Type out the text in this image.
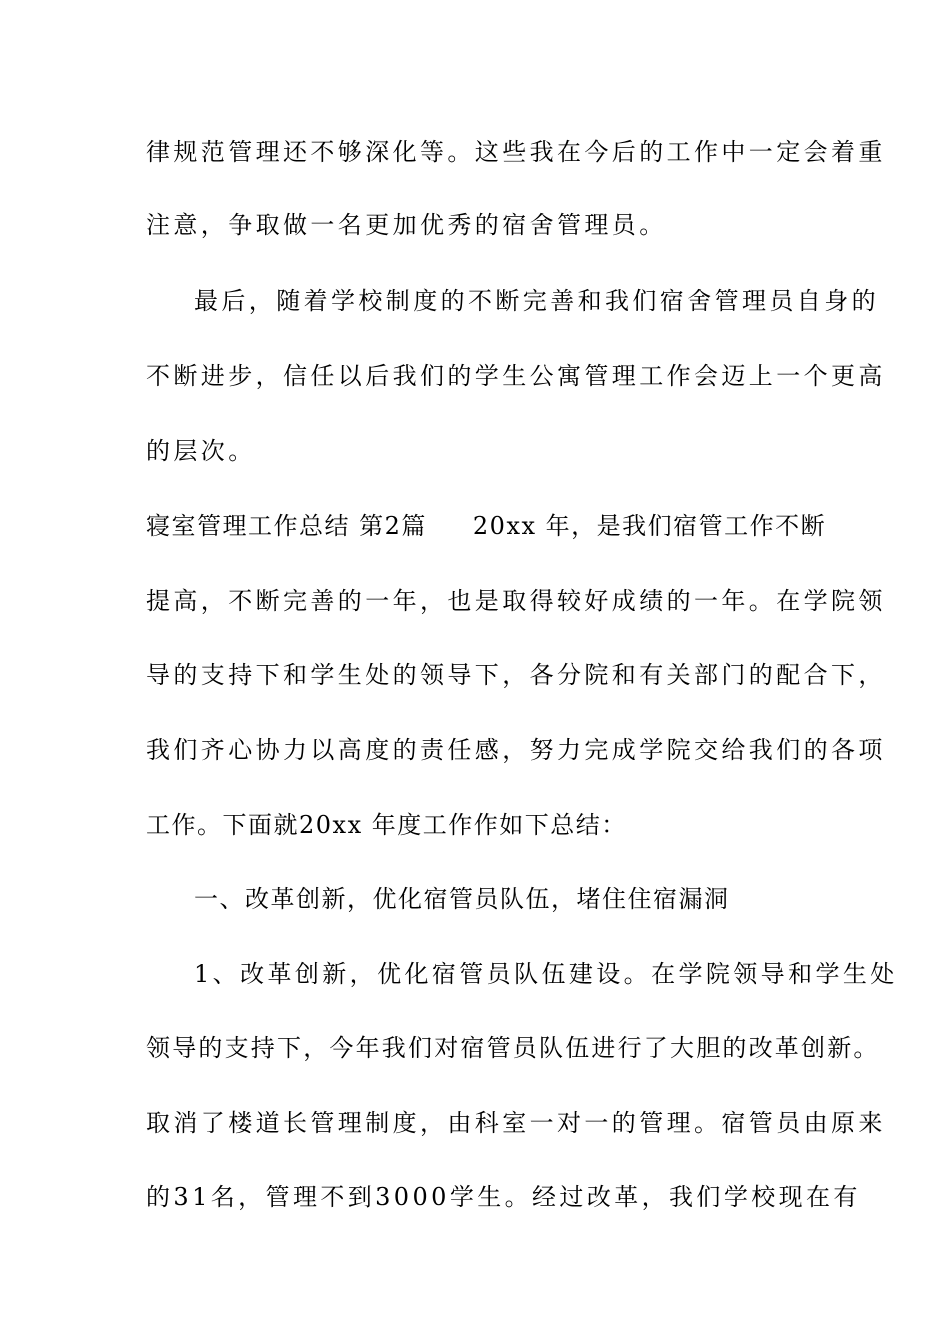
律规范管理还不够深化等。这些我在今后的工作中一定会着重
注意，争取做一名更加优秀的宿舍管理员。
最后，随着学校制度的不断完善和我们宿舍管理员自身的
不断进步，信任以后我们的学生公寓管理工作会迈上一个更高
的层次。
寝室管理工作总结 第2篇 20xx 年，是我们宿管工作不断
提高，不断完善的一年，也是取得较好成绩的一年。在学院领
导的支持下和学生处的领导下，各分院和有关部门的配合下，
我们齐心协力以高度的责任感，努力完成学院交给我们的各项
工作。下面就20xx 年度工作作如下总结：
一、改革创新，优化宿管员队伍，堵住住宿漏洞
1、改革创新，优化宿管员队伍建设。在学院领导和学生处
领导的支持下，今年我们对宿管员队伍进行了大胆的改革创新。
取消了楼道长管理制度，由科室一对一的管理。宿管员由原来
的31名，管理不到3000学生。经过改革，我们学校现在有
